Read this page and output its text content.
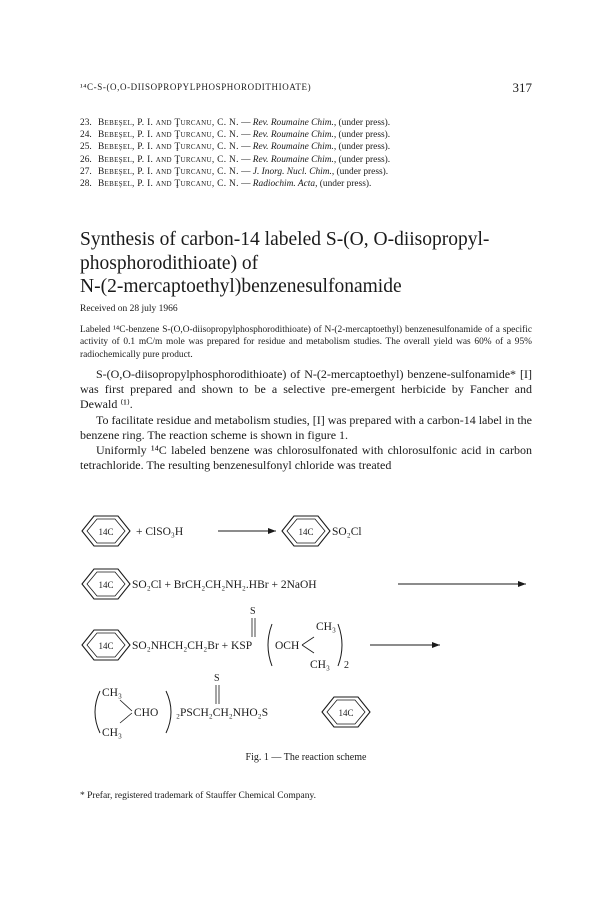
¹⁴C-S-(O,O-DIISOPROPYLPHOSPHORODITHIOATE)	317
23. Bebeşel, P. I. and Ţurcanu, C. N. — Rev. Roumaine Chim., (under press).
24. Bebeşel, P. I. and Ţurcanu, C. N. — Rev. Roumaine Chim., (under press).
25. Bebeşel, P. I. and Ţurcanu, C. N. — Rev. Roumaine Chim., (under press).
26. Bebeşel, P. I. and Ţurcanu, C. N. — Rev. Roumaine Chim., (under press).
27. Bebeşel, P. I. and Ţurcanu, C. N. — J. Inorg. Nucl. Chim., (under press).
28. Bebeşel, P. I. and Ţurcanu, C. N. — Radiochim. Acta, (under press).
Synthesis of carbon-14 labeled S-(O, O-diisopropyl-
phosphorodithioate) of
N-(2-mercaptoethyl)benzenesulfonamide
Received on 28 july 1966
Labeled ¹⁴C-benzene S-(O,O-diisopropylphosphorodithioate) of N-(2-mercaptoethyl) benzenesulfonamide of a specific activity of 0.1 mC/m mole was prepared for residue and metabolism studies. The overall yield was 60% of a 95% radiochemically pure product.

S-(O,O-diisopropylphosphorodithioate) of N-(2-mercaptoethyl) benzene-sulfonamide* [I] was first prepared and shown to be a selective pre-emergent herbicide by Fancher and Dewald ⁽¹⁾.

To facilitate residue and metabolism studies, [I] was prepared with a carbon-14 label in the benzene ring. The reaction scheme is shown in figure 1.

Uniformly ¹⁴C labeled benzene was chlorosulfonated with chlorosulfonic acid in carbon tetrachloride. The resulting benzenesulfonyl chloride was treated

14C + ClSO₃H	14C SO₂Cl
14C SO₂Cl + BrCH₂CH₂NH₂.HBr + 2NaOH
14C SO₂NHCH₂CH₂Br + KSP
S
OCH
CH₃
CH₃ 2
CH₃
CH₃
CHO
S
₂PSCH₂CH₂NHO₂S	14C
Fig. 1 — The reaction scheme
* Prefar, registered trademark of Stauffer Chemical Company.
